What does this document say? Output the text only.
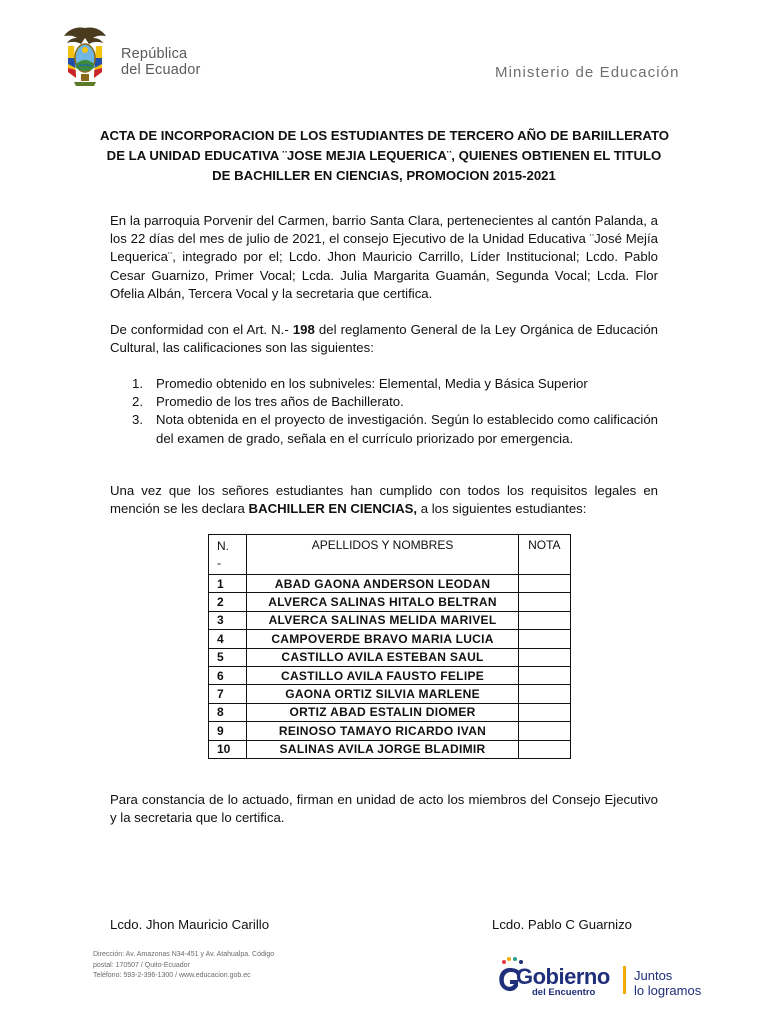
República
del Ecuador	Ministerio de Educación
ACTA DE INCORPORACION DE LOS ESTUDIANTES DE TERCERO AÑO DE BARIILLERATO
DE LA UNIDAD EDUCATIVA ¨JOSE MEJIA LEQUERICA¨, QUIENES OBTIENEN EL TITULO
DE BACHILLER EN CIENCIAS, PROMOCION 2015-2021
En la parroquia Porvenir del Carmen, barrio Santa Clara, pertenecientes al cantón Palanda, a los 22 días del mes de julio de 2021, el consejo Ejecutivo de la Unidad Educativa ¨José Mejía Lequerica¨, integrado por el; Lcdo. Jhon Mauricio Carrillo, Líder Institucional; Lcdo. Pablo Cesar Guarnizo, Primer Vocal; Lcda. Julia Margarita Guamán, Segunda Vocal; Lcda. Flor Ofelia Albán, Tercera Vocal y la secretaria que certifica.
De conformidad con el Art. N.- 198 del reglamento General de la Ley Orgánica de Educación Cultural, las calificaciones son las siguientes:
1. Promedio obtenido en los subniveles: Elemental, Media y Básica Superior
2. Promedio de los tres años de Bachillerato.
3. Nota obtenida en el proyecto de investigación. Según lo establecido como calificación del examen de grado, señala en el currículo priorizado por emergencia.
Una vez que los señores estudiantes han cumplido con todos los requisitos legales en mención se les declara BACHILLER EN CIENCIAS, a los siguientes estudiantes:
N.
-	APELLIDOS Y NOMBRES	NOTA
1	ABAD GAONA ANDERSON LEODAN	
2	ALVERCA SALINAS HITALO BELTRAN	
3	ALVERCA SALINAS MELIDA MARIVEL	
4	CAMPOVERDE BRAVO MARIA LUCIA	
5	CASTILLO AVILA ESTEBAN SAUL	
6	CASTILLO AVILA FAUSTO FELIPE	
7	GAONA ORTIZ SILVIA MARLENE	
8	ORTIZ ABAD ESTALIN DIOMER	
9	REINOSO TAMAYO RICARDO IVAN	
10	SALINAS AVILA JORGE BLADIMIR	
Para constancia de lo actuado, firman en unidad de acto los miembros del Consejo Ejecutivo y la secretaria que lo certifica.
Lcdo. Jhon Mauricio Carillo	Lcdo. Pablo C Guarnizo
Dirección: Av. Amazonas N34-451 y Av. Atahualpa. Código
postal: 170507 / Quito-Ecuador
Teléfono: 593-2-396-1300 / www.educacion.gob.ec	Gobierno
del Encuentro
Juntos
lo logramos
